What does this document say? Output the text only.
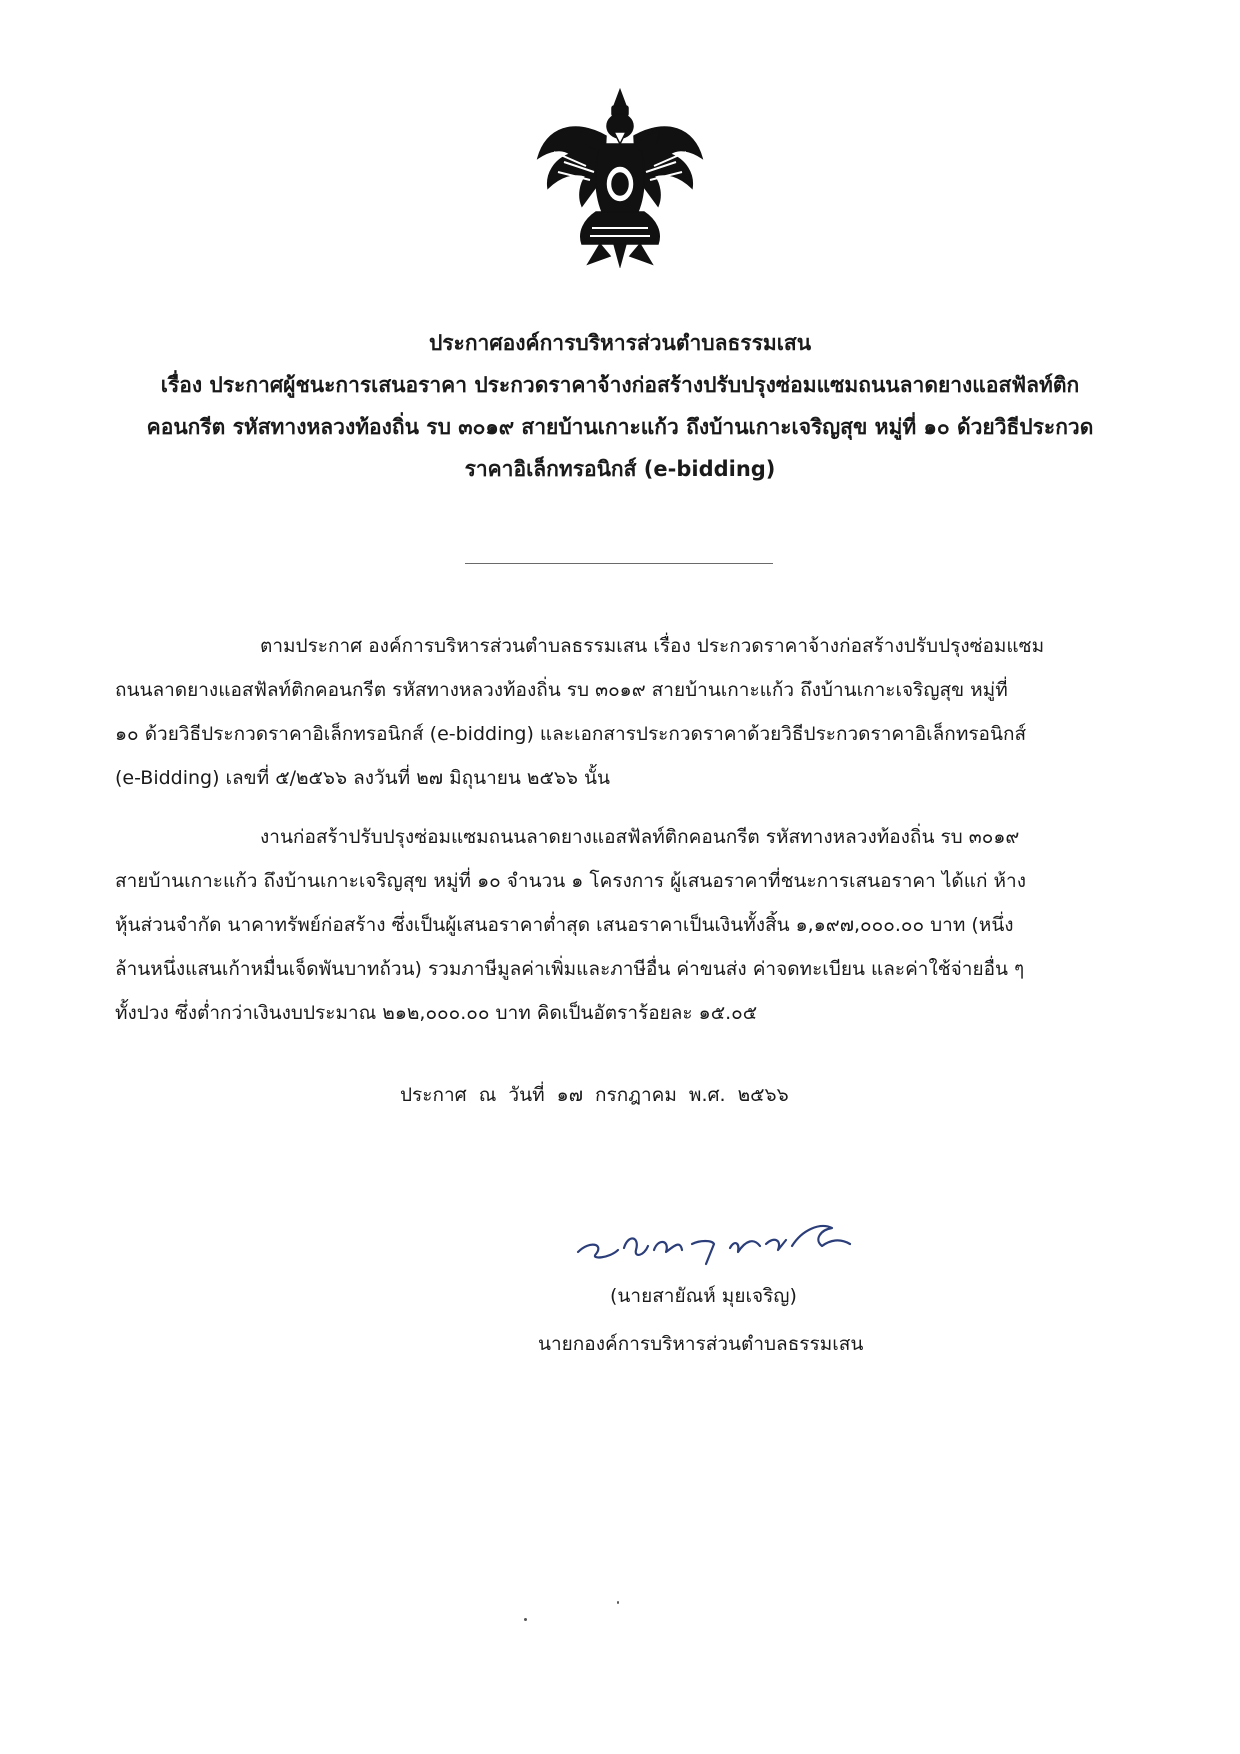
ประกาศองค์การบริหารส่วนตำบลธรรมเสน
เรื่อง ประกาศผู้ชนะการเสนอราคา ประกวดราคาจ้างก่อสร้างปรับปรุงซ่อมแซมถนนลาดยางแอสฟัลท์ติก
คอนกรีต รหัสทางหลวงท้องถิ่น รบ ๓๐๑๙ สายบ้านเกาะแก้ว ถึงบ้านเกาะเจริญสุข หมู่ที่ ๑๐ ด้วยวิธีประกวด
ราคาอิเล็กทรอนิกส์ (e-bidding)
ตามประกาศ องค์การบริหารส่วนตำบลธรรมเสน เรื่อง ประกวดราคาจ้างก่อสร้างปรับปรุงซ่อมแซม
ถนนลาดยางแอสฟัลท์ติกคอนกรีต รหัสทางหลวงท้องถิ่น รบ ๓๐๑๙ สายบ้านเกาะแก้ว ถึงบ้านเกาะเจริญสุข หมู่ที่
๑๐ ด้วยวิธีประกวดราคาอิเล็กทรอนิกส์ (e-bidding) และเอกสารประกวดราคาด้วยวิธีประกวดราคาอิเล็กทรอนิกส์
(e-Bidding) เลขที่ ๕/๒๕๖๖ ลงวันที่ ๒๗ มิถุนายน ๒๕๖๖ นั้น
งานก่อสร้าปรับปรุงซ่อมแซมถนนลาดยางแอสฟัลท์ติกคอนกรีต รหัสทางหลวงท้องถิ่น รบ ๓๐๑๙
สายบ้านเกาะแก้ว ถึงบ้านเกาะเจริญสุข หมู่ที่ ๑๐ จำนวน ๑ โครงการ ผู้เสนอราคาที่ชนะการเสนอราคา ได้แก่ ห้าง
หุ้นส่วนจำกัด นาคาทรัพย์ก่อสร้าง ซึ่งเป็นผู้เสนอราคาต่ำสุด เสนอราคาเป็นเงินทั้งสิ้น ๑,๑๙๗,๐๐๐.๐๐ บาท (หนึ่ง
ล้านหนึ่งแสนเก้าหมื่นเจ็ดพันบาทถ้วน) รวมภาษีมูลค่าเพิ่มและภาษีอื่น ค่าขนส่ง ค่าจดทะเบียน และค่าใช้จ่ายอื่น ๆ
ทั้งปวง ซึ่งต่ำกว่าเงินงบประมาณ ๒๑๒,๐๐๐.๐๐ บาท คิดเป็นอัตราร้อยละ ๑๕.๐๕
ประกาศ ณ วันที่ ๑๗ กรกฎาคม พ.ศ. ๒๕๖๖
(นายสายัณห์ มุยเจริญ)
นายกองค์การบริหารส่วนตำบลธรรมเสน
